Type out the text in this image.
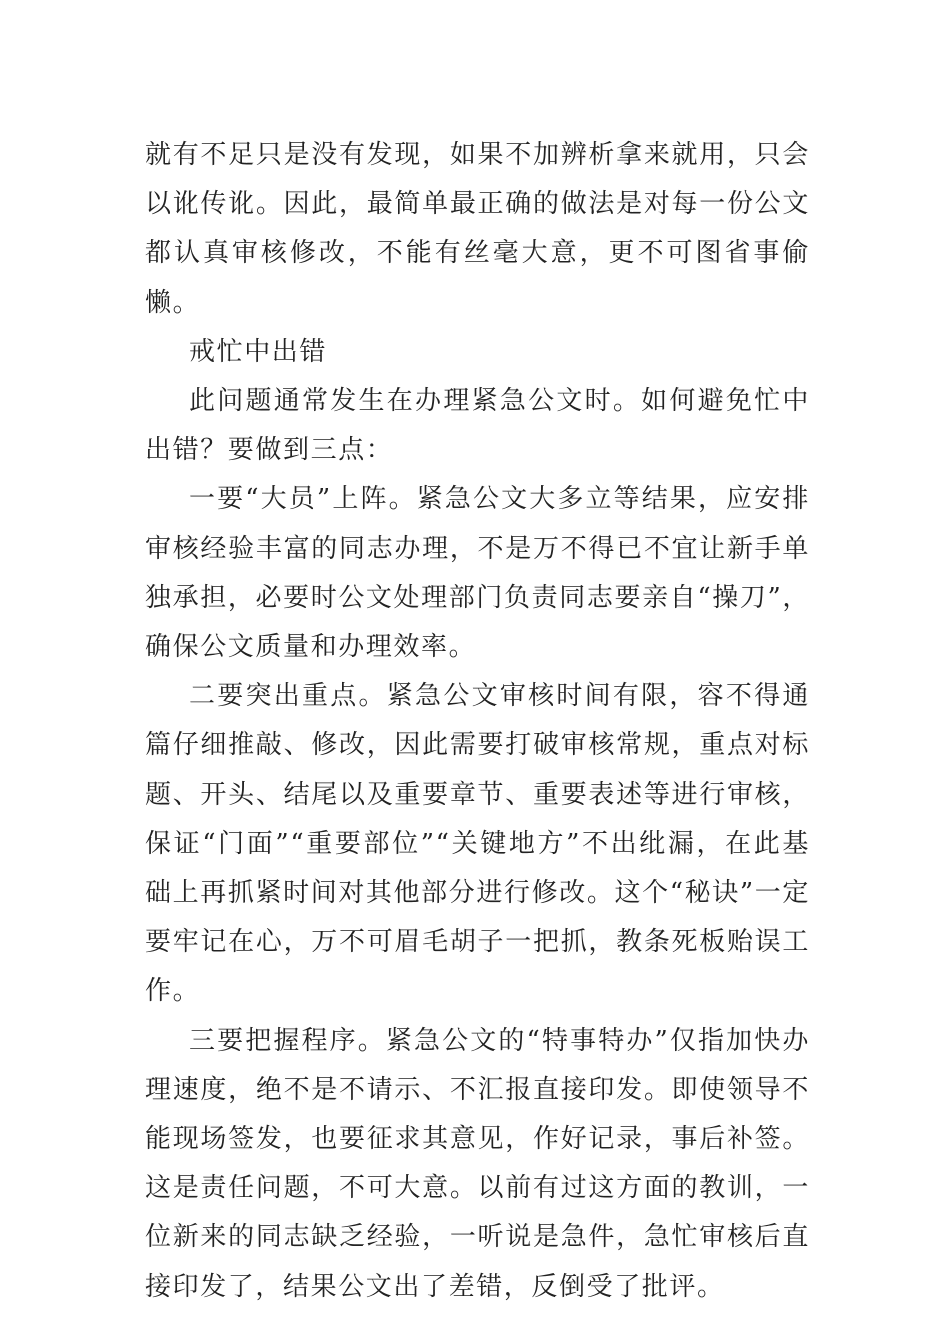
就有不足只是没有发现，如果不加辨析拿来就用，只会以讹传讹。因此，最简单最正确的做法是对每一份公文都认真审核修改，不能有丝毫大意，更不可图省事偷懒。

戒忙中出错

此问题通常发生在办理紧急公文时。如何避免忙中出错？要做到三点：

一要“大员”上阵。紧急公文大多立等结果，应安排审核经验丰富的同志办理，不是万不得已不宜让新手单独承担，必要时公文处理部门负责同志要亲自“操刀”，确保公文质量和办理效率。

二要突出重点。紧急公文审核时间有限，容不得通篇仔细推敲、修改，因此需要打破审核常规，重点对标题、开头、结尾以及重要章节、重要表述等进行审核，保证“门面”“重要部位”“关键地方”不出纰漏，在此基础上再抓紧时间对其他部分进行修改。这个“秘诀”一定要牢记在心，万不可眉毛胡子一把抓，教条死板贻误工作。

三要把握程序。紧急公文的“特事特办”仅指加快办理速度，绝不是不请示、不汇报直接印发。即使领导不能现场签发，也要征求其意见，作好记录，事后补签。这是责任问题，不可大意。以前有过这方面的教训，一位新来的同志缺乏经验，一听说是急件，急忙审核后直接印发了，结果公文出了差错，反倒受了批评。
